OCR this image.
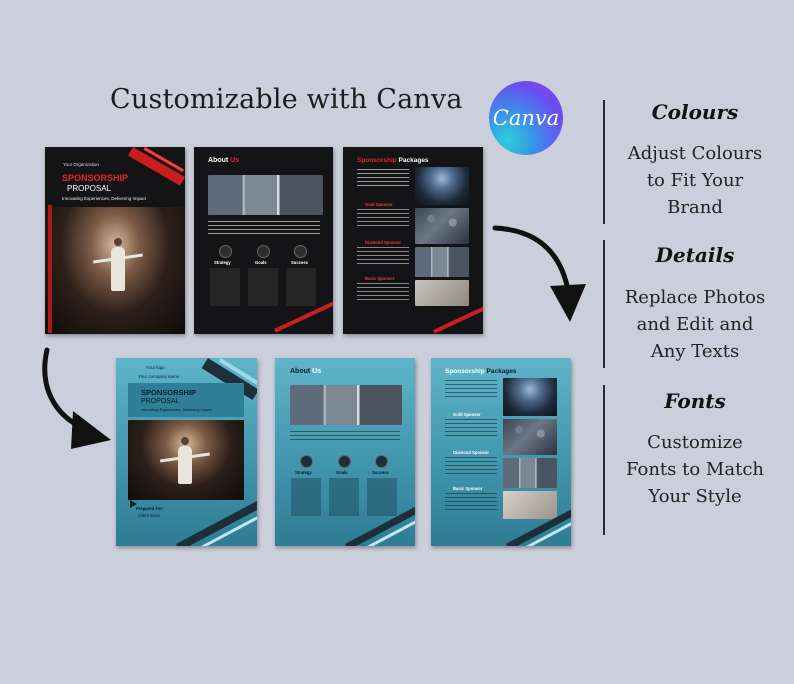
Customizable with Canva
Canva	Colours
Adjust Colours
to Fit Your
Brand
Details
Replace Photos
and Edit and
Any Texts
Fonts
Customize
Fonts to Match
Your Style
Your Organization
SPONSORSHIP
PROPOSAL
Innovating Experiences, Delivering Impact
About Us
Strategy	Goals	Success
Sponsorship Packages
Gold Sponsor
Diamond Sponsor
Basic Sponsor
Your logo
Your company name
SPONSORSHIP
PROPOSAL
Innovating Experiences, Delivering Impact
Prepared For:
Client name
About Us
Strategy	Goals	Success
Sponsorship Packages
Gold Sponsor
Diamond Sponsor
Basic Sponsor
